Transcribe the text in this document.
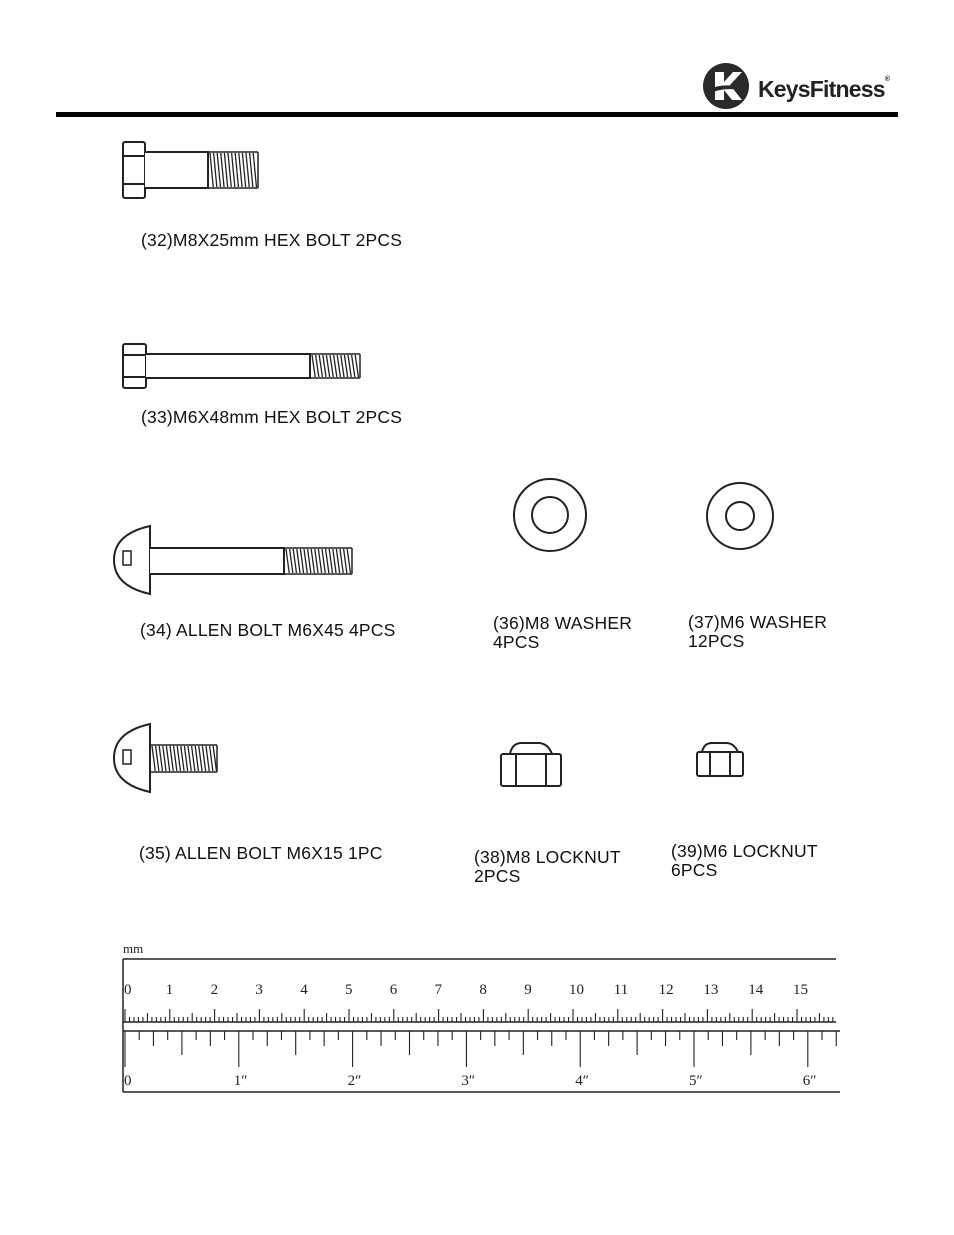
KeysFitness®
(32)M8X25mm HEX BOLT 2PCS
(33)M6X48mm HEX BOLT 2PCS
(34) ALLEN BOLT M6X45 4PCS
(35) ALLEN BOLT M6X15 1PC
(36)M8 WASHER
4PCS
(37)M6 WASHER
12PCS
(38)M8 LOCKNUT
2PCS
(39)M6 LOCKNUT
6PCS
mm
0 1 2 3 4 5 6 7 8 9 10 11 12 13 14 15
0	1″	2″	3″	4″	5″	6″
